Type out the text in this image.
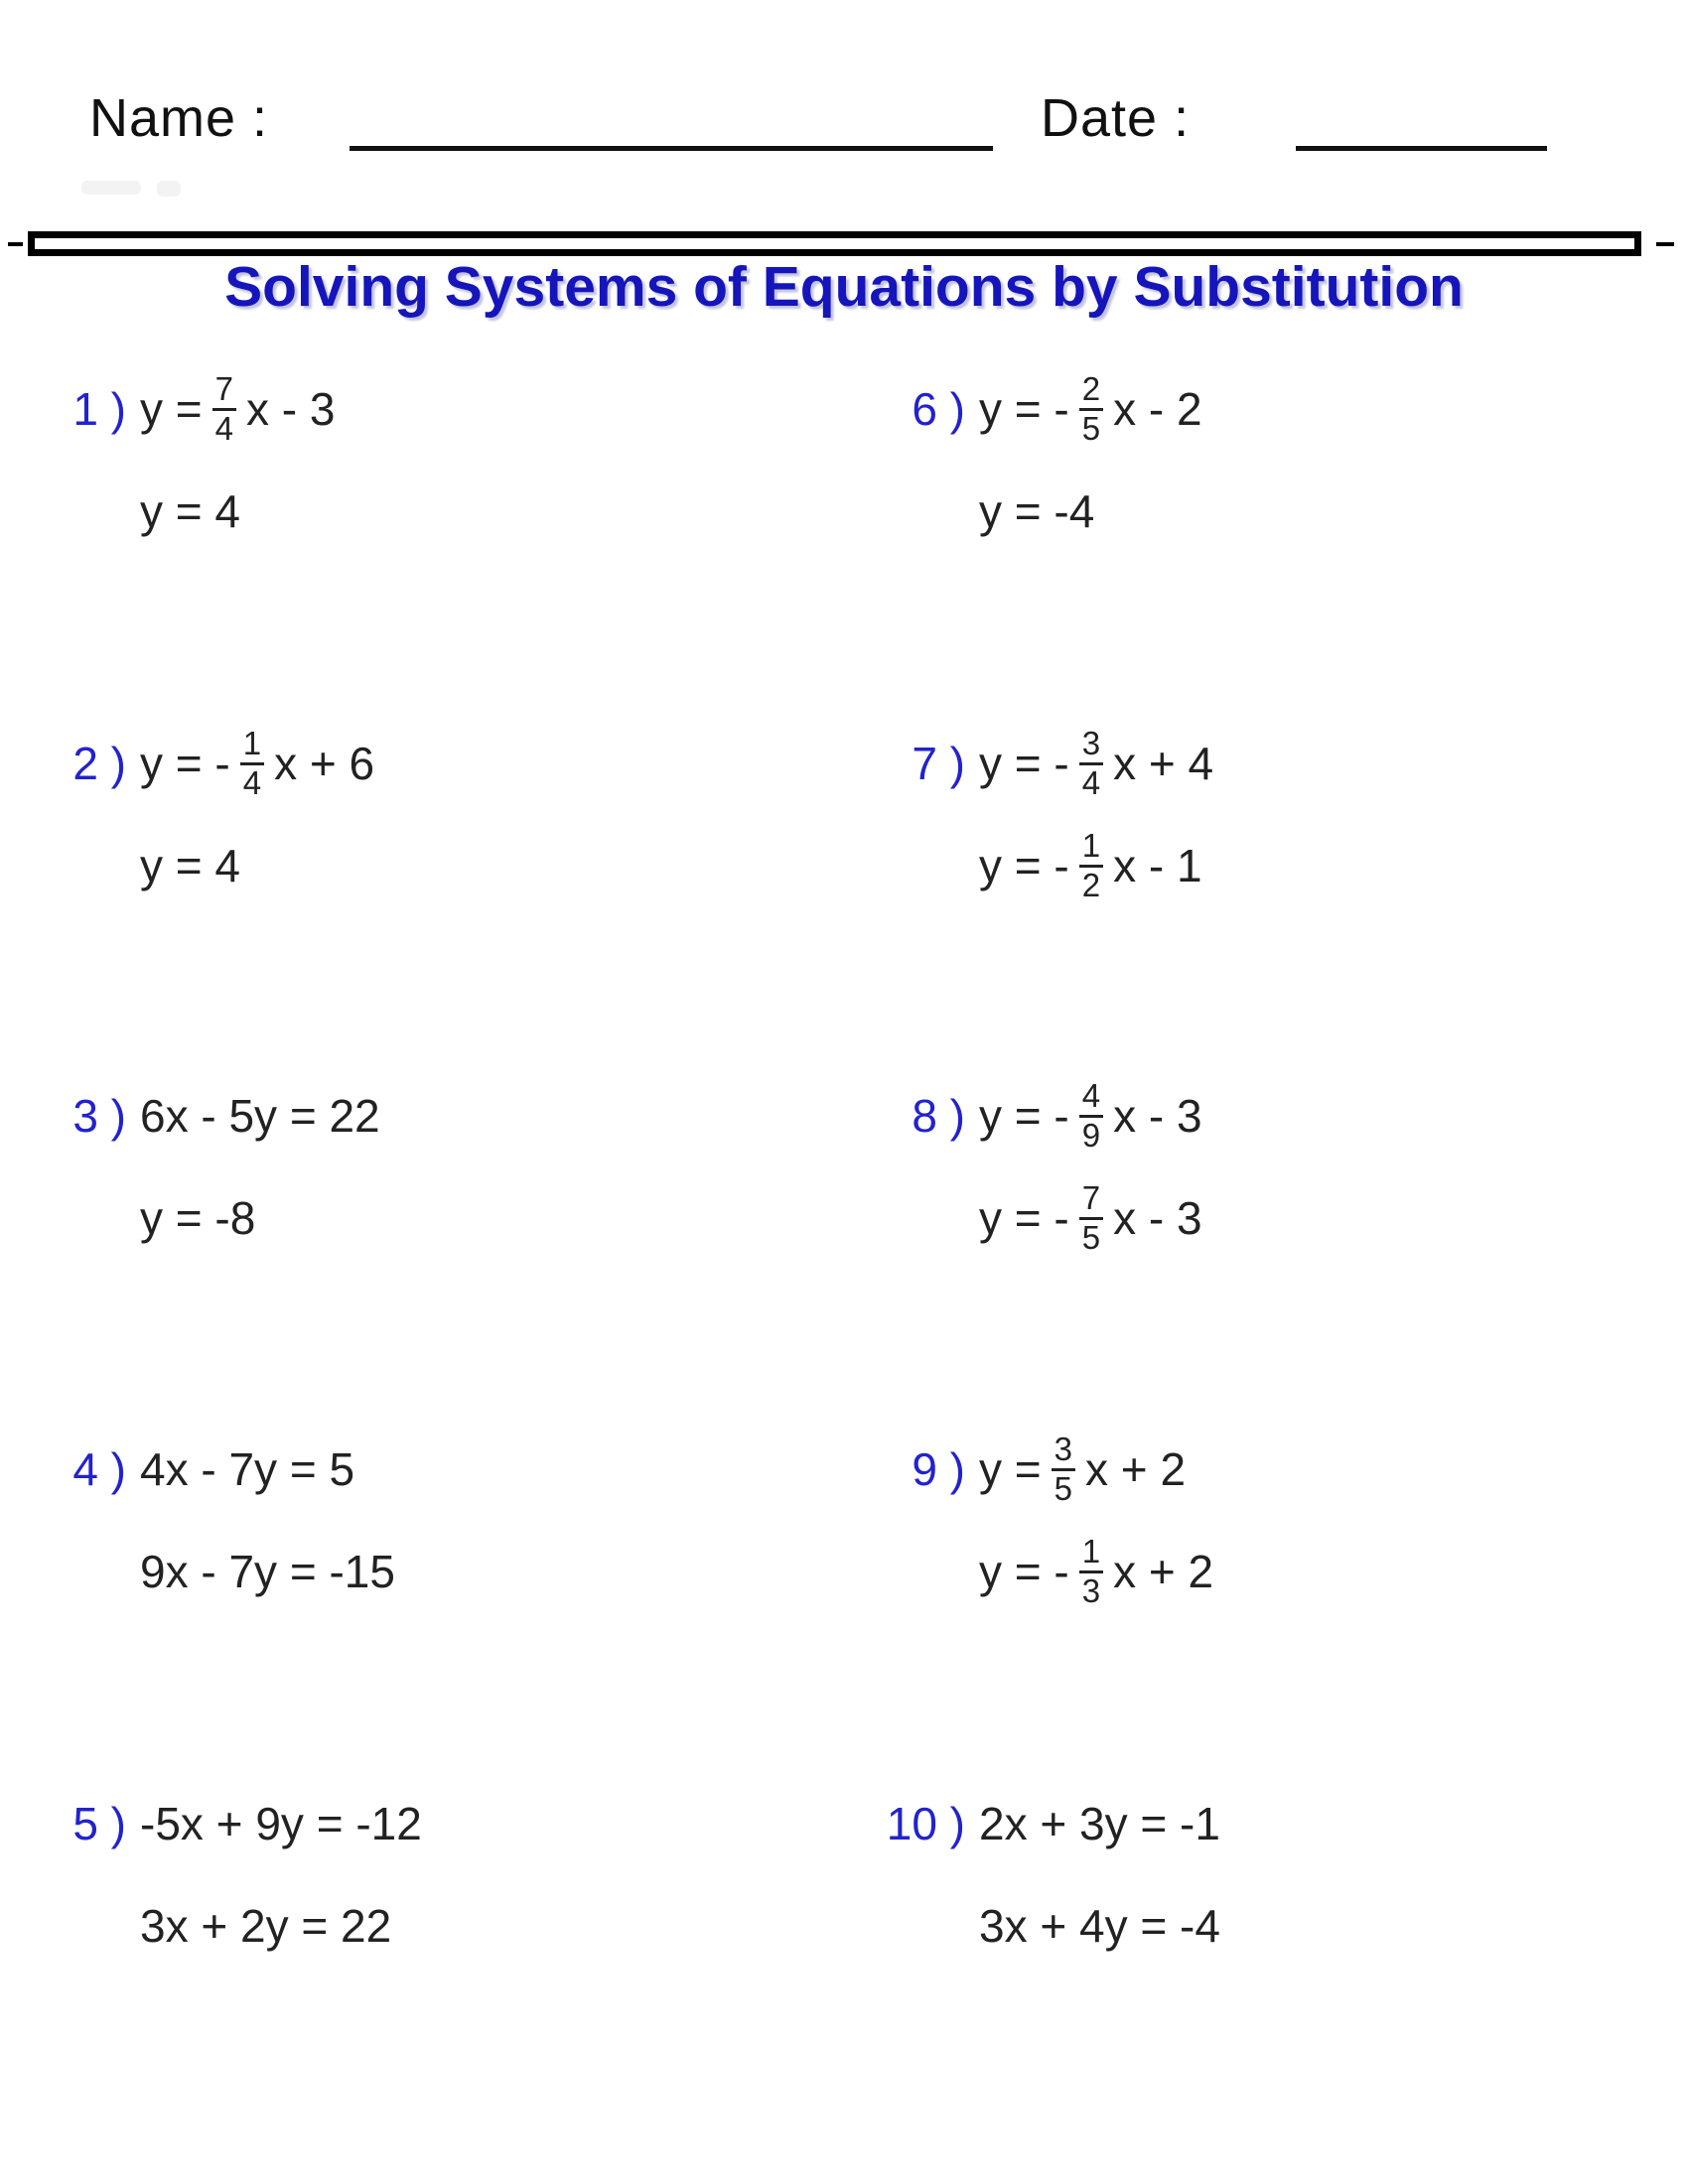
Name :	Date :
Solving Systems of Equations by Substitution
1 ) $y = \frac{7}{4}$ x - 3
y = 4
2 ) y = - $\frac{1}{4}$ x + 6
y = 4
3 ) 6x - 5y = 22
y = -8
4 ) 4x - 7y = 5
9x - 7y = -15
5 ) -5x + 9y = -12
3x + 2y = 22
6 ) y = - $\frac{2}{5}$ x - 2
y = -4
7 ) y = - $\frac{3}{4}$ x + 4
y = - $\frac{1}{2}$ x - 1
8 ) y = - $\frac{4}{9}$ x - 3
y = - $\frac{7}{5}$ x - 3
9 ) $y = \frac{3}{5}$ x + 2
y = - $\frac{1}{3}$ x + 2
10 ) 2x + 3y = -1
3x + 4y = -4
